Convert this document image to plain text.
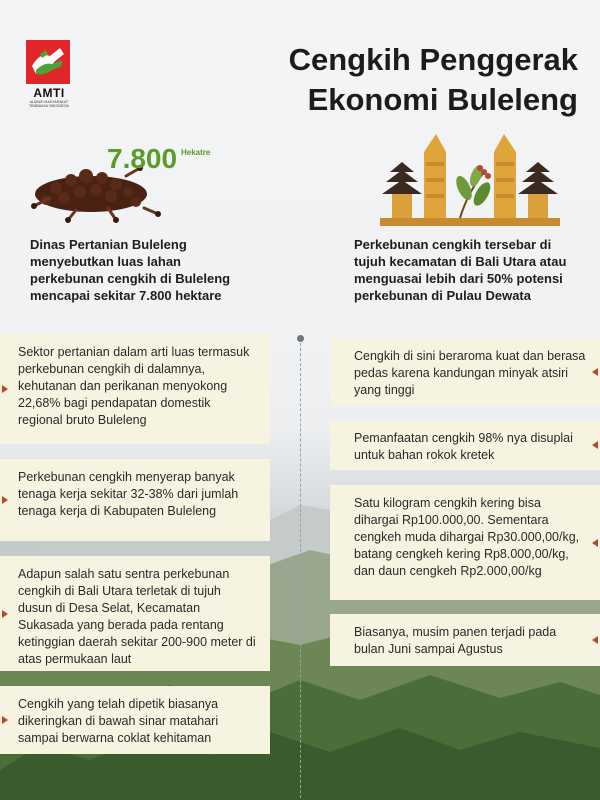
AMTI
ALIANSI MASYARAKAT TEMBAKAU INDONESIA
Cengkih Penggerak
Ekonomi Buleleng
7.800 Hekatre
Dinas Pertanian Buleleng menyebutkan luas lahan perkebunan cengkih di Buleleng mencapai sekitar 7.800 hektare
Perkebunan cengkih tersebar di tujuh kecamatan di Bali Utara atau menguasai lebih dari 50% potensi perkebunan di Pulau Dewata
Sektor pertanian dalam arti luas termasuk perkebunan cengkih di dalamnya, kehutanan dan perikanan menyokong 22,68% bagi pendapatan domestik regional bruto Buleleng
Perkebunan cengkih menyerap banyak tenaga kerja sekitar 32-38% dari jumlah tenaga kerja di Kabupaten Buleleng
Adapun salah satu sentra perkebunan cengkih di Bali Utara terletak di tujuh dusun di Desa Selat, Kecamatan Sukasada yang berada pada rentang ketinggian daerah sekitar 200-900 meter di atas permukaan laut
Cengkih yang telah dipetik biasanya dikeringkan di bawah sinar matahari sampai berwarna coklat kehitaman
Cengkih di sini beraroma kuat dan berasa pedas karena kandungan minyak atsiri yang tinggi
Pemanfaatan cengkih 98% nya disuplai untuk bahan rokok kretek
Satu kilogram cengkih kering bisa dihargai Rp100.000,00. Sementara cengkeh muda dihargai Rp30.000,00/kg, batang cengkeh kering Rp8.000,00/kg, dan daun cengkeh Rp2.000,00/kg
Biasanya, musim panen terjadi pada bulan Juni sampai Agustus
